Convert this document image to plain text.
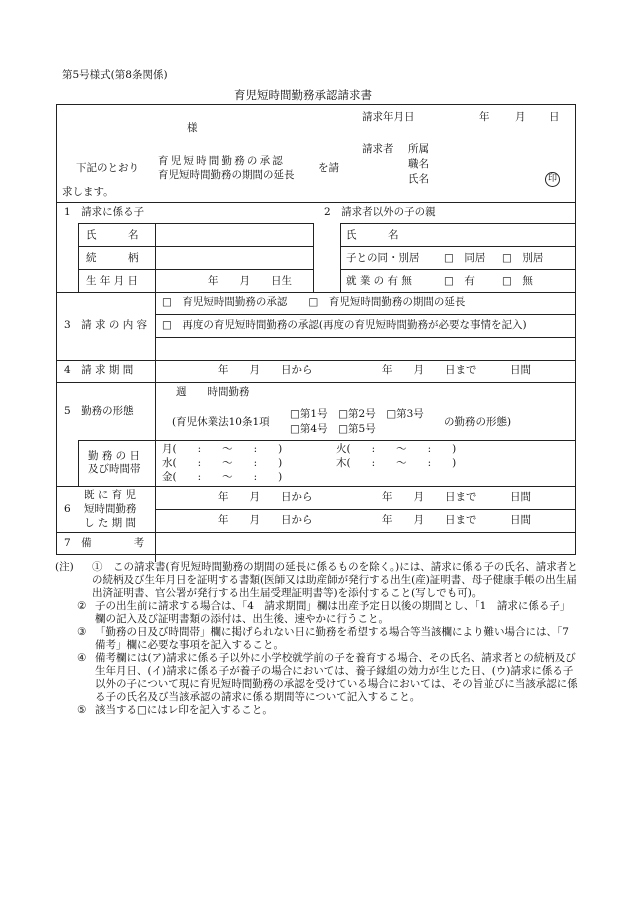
第5号様式(第8条関係)
育児短時間勤務承認請求書
様
請求年月日	年 月 日
請求者 所属
職名
氏名	印
下記のとおり
育児短時間勤務の承認
育児短時間勤務の期間の延長
を請
求します。
1　請求に係る子	2　請求者以外の子の親
氏　　　名
続　　　柄
生 年 月 日	年　　月　　日生
氏　　　名
子との同・別居 □　同居 □　別居
就 業 の 有 無	□　有	□　無
3　請 求 の 内 容
□　育児短時間勤務の承認　　□　育児短時間勤務の期間の延長
□　再度の育児短時間勤務の承認(再度の育児短時間勤務が必要な事情を記入)
4　請 求 期 間	年　　月　　日から	年　　月　　日まで	日間
5　勤務の形態
週　　時間勤務
(育児休業法10条1項
□第1号　□第2号　□第3号
□第4号　□第5号
の勤務の形態)
勤 務 の 日
及び時間帯
月(　　:　　〜　　:　　)	火(　　:　　〜　　:　　)
水(　　:　　〜　　:　　)	木(　　:　　〜　　:　　)
金(　　:　　〜　　:　　)
6
既 に 育 児
短時間勤務
し た 期 間
年　　月　　日から	年　　月　　日まで	日間
年　　月　　日から	年　　月　　日まで	日間
7　備　　　　考
(注)	①　 この請求書(育児短時間勤務の期間の延長に係るものを除く。)には、請求に係る子の氏名、請求者との続柄及び生年月日を証明する書類(医師又は助産師が発行する出生(産)証明書、母子健康手帳の出生届出済証明書、官公署が発行する出生届受理証明書等)を添付すること(写しでも可)。
② 子の出生前に請求する場合は、「4　請求期間」欄は出産予定日以後の期間とし、「1　請求に係る子」欄の記入及び証明書類の添付は、出生後、速やかに行うこと。
③ 「勤務の日及び時間帯」欄に掲げられない日に勤務を希望する場合等当該欄により難い場合には、「7　備考」欄に必要な事項を記入すること。
④ 備考欄には(ア)請求に係る子以外に小学校就学前の子を養育する場合、その氏名、請求者との続柄及び生年月日、(イ)請求に係る子が養子の場合においては、養子縁組の効力が生じた日、(ウ)請求に係る子以外の子について現に育児短時間勤務の承認を受けている場合においては、その旨並びに当該承認に係る子の氏名及び当該承認の請求に係る期間等について記入すること。
⑤ 該当する□にはレ印を記入すること。
